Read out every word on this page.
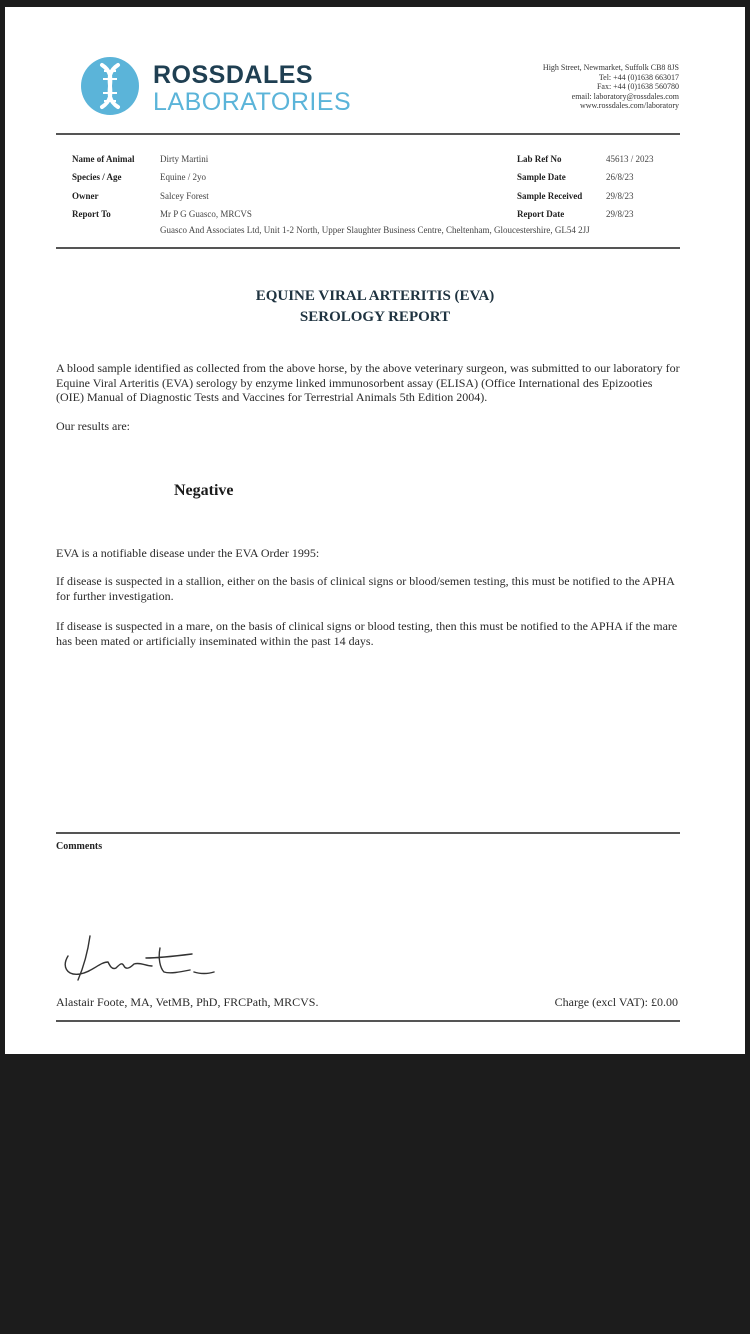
ROSSDALES
LABORATORIES
High Street, Newmarket, Suffolk CB8 8JS
Tel: +44 (0)1638 663017
Fax: +44 (0)1638 560780
email: laboratory@rossdales.com
www.rossdales.com/laboratory
Name of Animal	Dirty Martini
Species / Age	Equine / 2yo
Owner	Salcey Forest
Report To	Mr P G Guasco, MRCVS
Guasco And Associates Ltd, Unit 1-2 North, Upper Slaughter Business Centre, Cheltenham, Gloucestershire, GL54 2JJ
Lab Ref No	45613 / 2023
Sample Date	26/8/23
Sample Received	29/8/23
Report Date	29/8/23
EQUINE VIRAL ARTERITIS (EVA)
SEROLOGY REPORT
A blood sample identified as collected from the above horse, by the above veterinary surgeon, was submitted to our laboratory for Equine Viral Arteritis (EVA) serology by enzyme linked immunosorbent assay (ELISA) (Office International des Epizooties (OIE) Manual of Diagnostic Tests and Vaccines for Terrestrial Animals 5th Edition 2004).
Our results are:
Negative
EVA is a notifiable disease under the EVA Order 1995:
If disease is suspected in a stallion, either on the basis of clinical signs or blood/semen testing, this must be notified to the APHA for further investigation.
If disease is suspected in a mare, on the basis of clinical signs or blood testing, then this must be notified to the APHA if the mare has been mated or artificially inseminated within the past 14 days.
Comments
Alastair Foote, MA, VetMB, PhD, FRCPath, MRCVS.	Charge (excl VAT): £0.00
